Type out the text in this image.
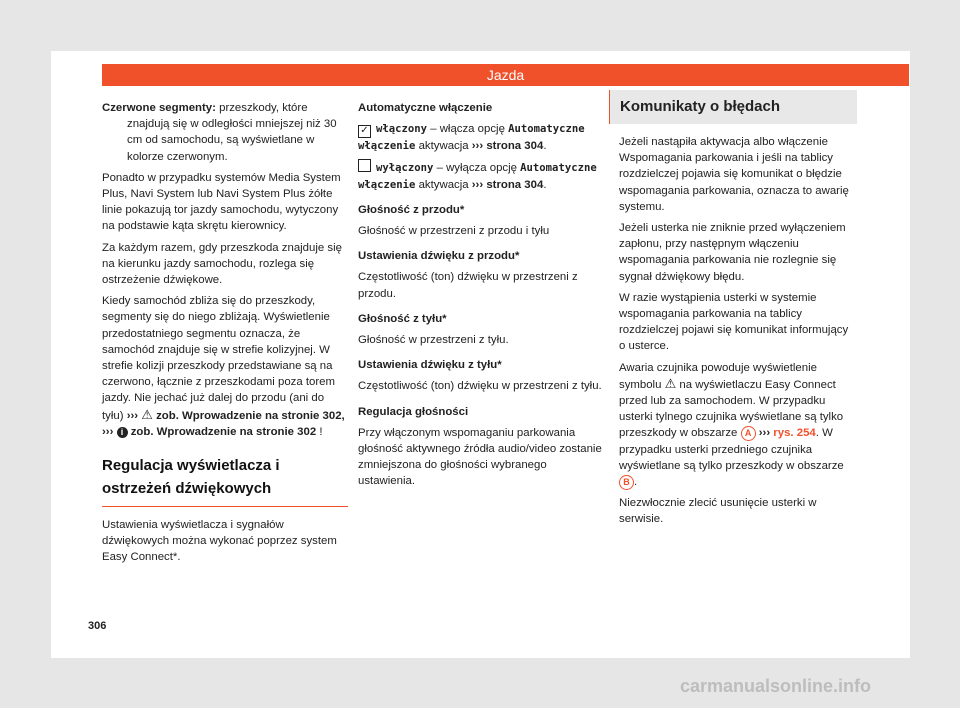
Jazda

Czerwone segmenty: przeszkody, które znajdują się w odległości mniejszej niż 30 cm od samochodu, są wyświetlane w kolorze czerwonym.

Ponadto w przypadku systemów Media System Plus, Navi System lub Navi System Plus żółte linie pokazują tor jazdy samochodu, wytyczony na podstawie kąta skrętu kierownicy.

Za każdym razem, gdy przeszkoda znajduje się na kierunku jazdy samochodu, rozlega się ostrzeżenie dźwiękowe.

Kiedy samochód zbliża się do przeszkody, segmenty się do niego zbliżają. Wyświetlenie przedostatniego segmentu oznacza, że samochód znajduje się w strefie kolizyjnej. W strefie kolizji przeszkody przedstawiane są na czerwono, łącznie z przeszkodami poza torem jazdy. Nie jechać już dalej do przodu (ani do tyłu) ››› ⚠ zob. Wprowadzenie na stronie 302, ››› i zob. Wprowadzenie na stronie 302 !

Regulacja wyświetlacza i ostrzeżeń dźwiękowych

Ustawienia wyświetlacza i sygnałów dźwiękowych można wykonać poprzez system Easy Connect*.

Automatyczne włączenie

✓ włączony – włącza opcję Automatyczne włączenie aktywacja ››› strona 304.

wyłączony – wyłącza opcję Automatyczne włączenie aktywacja ››› strona 304.

Głośność z przodu*

Głośność w przestrzeni z przodu i tyłu

Ustawienia dźwięku z przodu*

Częstotliwość (ton) dźwięku w przestrzeni z przodu.

Głośność z tyłu*

Głośność w przestrzeni z tyłu.

Ustawienia dźwięku z tyłu*

Częstotliwość (ton) dźwięku w przestrzeni z tyłu.

Regulacja głośności

Przy włączonym wspomaganiu parkowania głośność aktywnego źródła audio/video zostanie zmniejszona do głośności wybranego ustawienia.

Komunikaty o błędach

Jeżeli nastąpiła aktywacja albo włączenie Wspomagania parkowania i jeśli na tablicy rozdzielczej pojawia się komunikat o błędzie wspomagania parkowania, oznacza to awarię systemu.

Jeżeli usterka nie zniknie przed wyłączeniem zapłonu, przy następnym włączeniu wspomagania parkowania nie rozlegnie się sygnał dźwiękowy błędu.

W razie wystąpienia usterki w systemie wspomagania parkowania na tablicy rozdzielczej pojawi się komunikat informujący o usterce.

Awaria czujnika powoduje wyświetlenie symbolu ⚠ na wyświetlaczu Easy Connect przed lub za samochodem. W przypadku usterki tylnego czujnika wyświetlane są tylko przeszkody w obszarze A ››› rys. 254. W przypadku usterki przedniego czujnika wyświetlane są tylko przeszkody w obszarze B .

Niezwłocznie zlecić usunięcie usterki w serwisie.

306
carmanualsonline.info
